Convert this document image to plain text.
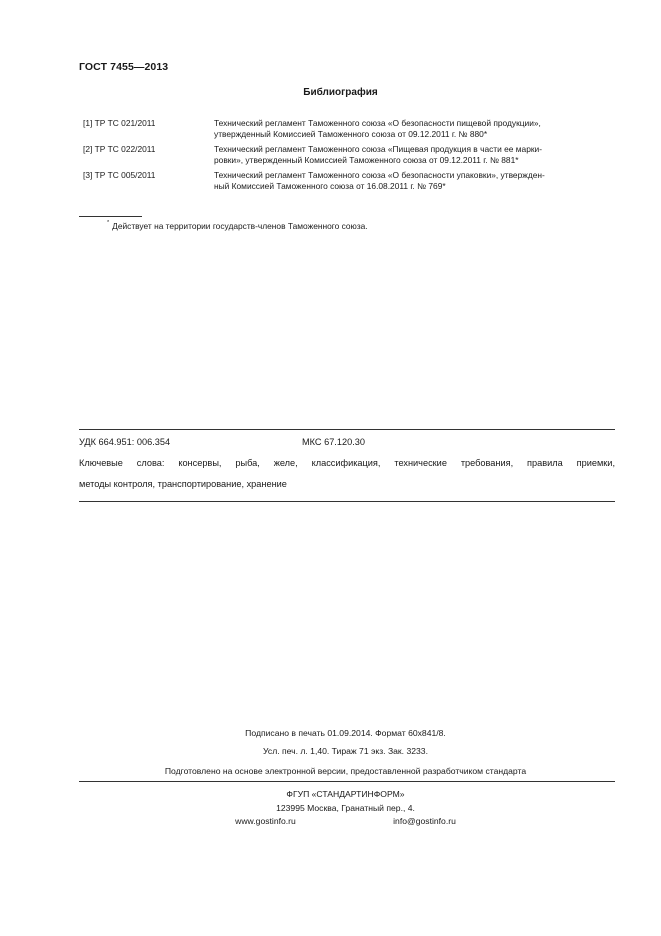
ГОСТ 7455—2013
Библиография
[1] ТР ТС 021/2011	Технический регламент Таможенного союза «О безопасности пищевой продукции»,
утвержденный Комиссией Таможенного союза от 09.12.2011 г. № 880*
[2] ТР ТС 022/2011	Технический регламент Таможенного союза «Пищевая продукция в части ее марки-
ровки», утвержденный Комиссией Таможенного союза от 09.12.2011 г. № 881*
[3] ТР ТС 005/2011	Технический регламент Таможенного союза «О безопасности упаковки», утвержден-
ный Комиссией Таможенного союза от 16.08.2011 г. № 769*
* Действует на территории государств-членов Таможенного союза.
УДК 664.951: 006.354	МКС 67.120.30
Ключевые слова: консервы, рыба, желе, классификация, технические требования, правила приемки,
методы контроля, транспортирование, хранение
Подписано в печать 01.09.2014. Формат 60x841/8.
Усл. печ. л. 1,40. Тираж 71 экз. Зак. 3233.
Подготовлено на основе электронной версии, предоставленной разработчиком стандарта
ФГУП «СТАНДАРТИНФОРМ»
123995 Москва, Гранатный пер., 4.
www.gostinfo.ru	info@gostinfo.ru
